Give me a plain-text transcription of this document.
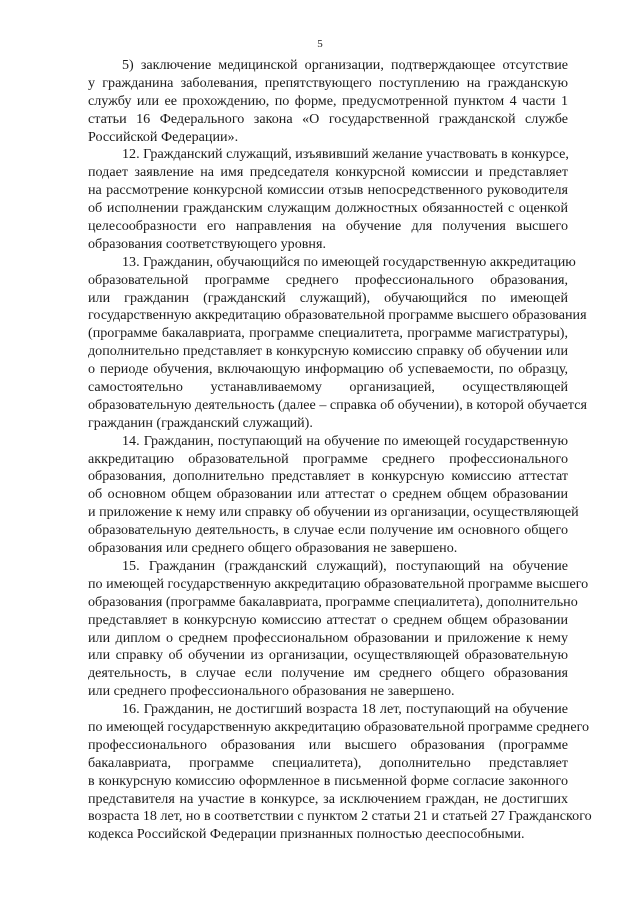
5
5) заключение медицинской организации, подтверждающее отсутствие
у гражданина заболевания, препятствующего поступлению на гражданскую
службу или ее прохождению, по форме, предусмотренной пунктом 4 части 1
статьи 16 Федерального закона «О государственной гражданской службе
Российской Федерации».
12. Гражданский служащий, изъявивший желание участвовать в конкурсе,
подает заявление на имя председателя конкурсной комиссии и представляет
на рассмотрение конкурсной комиссии отзыв непосредственного руководителя
об исполнении гражданским служащим должностных обязанностей с оценкой
целесообразности его направления на обучение для получения высшего
образования соответствующего уровня.
13. Гражданин, обучающийся по имеющей государственную аккредитацию
образовательной программе среднего профессионального образования,
или гражданин (гражданский служащий), обучающийся по имеющей
государственную аккредитацию образовательной программе высшего образования
(программе бакалавриата, программе специалитета, программе магистратуры),
дополнительно представляет в конкурсную комиссию справку об обучении или
о периоде обучения, включающую информацию об успеваемости, по образцу,
самостоятельно устанавливаемому организацией, осуществляющей
образовательную деятельность (далее – справка об обучении), в которой обучается
гражданин (гражданский служащий).
14. Гражданин, поступающий на обучение по имеющей государственную
аккредитацию образовательной программе среднего профессионального
образования, дополнительно представляет в конкурсную комиссию аттестат
об основном общем образовании или аттестат о среднем общем образовании
и приложение к нему или справку об обучении из организации, осуществляющей
образовательную деятельность, в случае если получение им основного общего
образования или среднего общего образования не завершено.
15. Гражданин (гражданский служащий), поступающий на обучение
по имеющей государственную аккредитацию образовательной программе высшего
образования (программе бакалавриата, программе специалитета), дополнительно
представляет в конкурсную комиссию аттестат о среднем общем образовании
или диплом о среднем профессиональном образовании и приложение к нему
или справку об обучении из организации, осуществляющей образовательную
деятельность, в случае если получение им среднего общего образования
или среднего профессионального образования не завершено.
16. Гражданин, не достигший возраста 18 лет, поступающий на обучение
по имеющей государственную аккредитацию образовательной программе среднего
профессионального образования или высшего образования (программе
бакалавриата, программе специалитета), дополнительно представляет
в конкурсную комиссию оформленное в письменной форме согласие законного
представителя на участие в конкурсе, за исключением граждан, не достигших
возраста 18 лет, но в соответствии с пунктом 2 статьи 21 и статьей 27 Гражданского
кодекса Российской Федерации признанных полностью дееспособными.
